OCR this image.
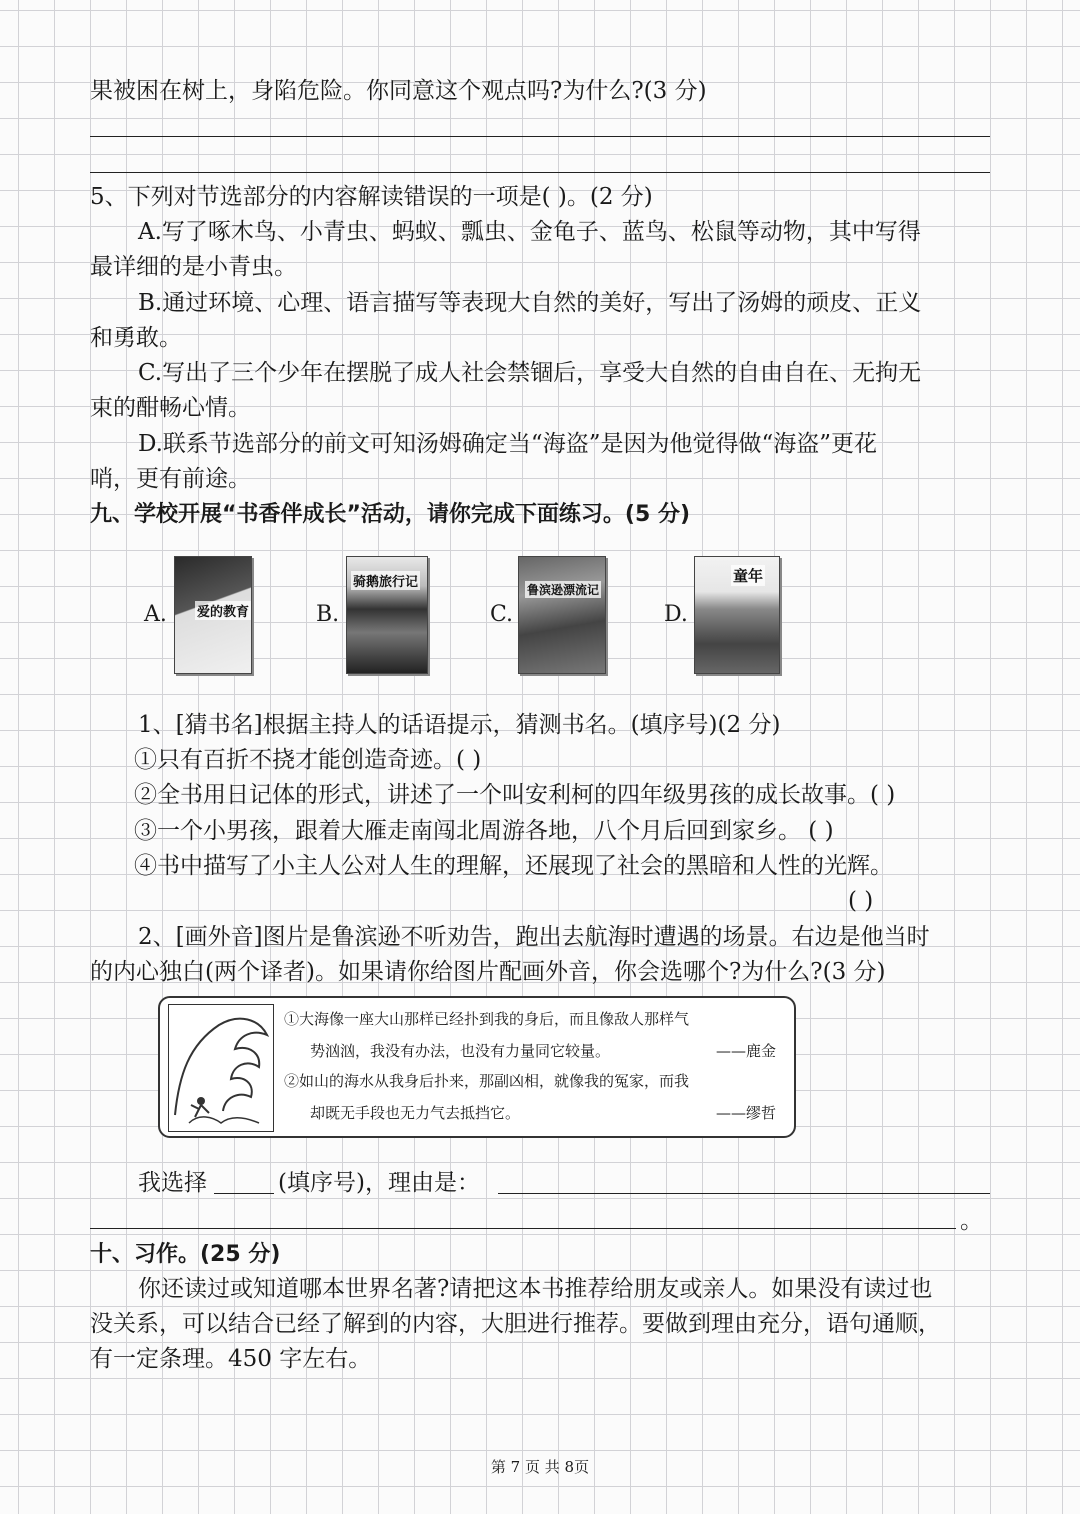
果被困在树上，身陷危险。你同意这个观点吗?为什么?(3 分)
5、下列对节选部分的内容解读错误的一项是( )。(2 分)
A.写了啄木鸟、小青虫、蚂蚁、瓢虫、金龟子、蓝鸟、松鼠等动物，其中写得
最详细的是小青虫。
B.通过环境、心理、语言描写等表现大自然的美好，写出了汤姆的顽皮、正义
和勇敢。
C.写出了三个少年在摆脱了成人社会禁锢后，享受大自然的自由自在、无拘无
束的酣畅心情。
D.联系节选部分的前文可知汤姆确定当“海盗”是因为他觉得做“海盗”更花
哨，更有前途。
九、学校开展“书香伴成长”活动，请你完成下面练习。(5 分)
A. 爱的教育	B.
骑鹅旅行记
C.
鲁滨逊漂流记
D.
童年
1、[猜书名]根据主持人的话语提示，猜测书名。(填序号)(2 分)
①只有百折不挠才能创造奇迹。( )
②全书用日记体的形式，讲述了一个叫安利柯的四年级男孩的成长故事。( )
③一个小男孩，跟着大雁走南闯北周游各地，八个月后回到家乡。 ( )
④书中描写了小主人公对人生的理解，还展现了社会的黑暗和人性的光辉。
( )
2、[画外音]图片是鲁滨逊不听劝告，跑出去航海时遭遇的场景。右边是他当时
的内心独白(两个译者)。如果请你给图片配画外音，你会选哪个?为什么?(3 分)
①大海像一座大山那样已经扑到我的身后，而且像敌人那样气
势汹汹，我没有办法，也没有力量同它较量。	——鹿金
②如山的海水从我身后扑来，那副凶相，就像我的冤家，而我
却既无手段也无力气去抵挡它。	——缪哲
我选择	(填序号)，理由是：
。
十、习作。(25 分)
你还读过或知道哪本世界名著?请把这本书推荐给朋友或亲人。如果没有读过也
没关系，可以结合已经了解到的内容，大胆进行推荐。要做到理由充分，语句通顺，
有一定条理。450 字左右。
第 7 页 共 8页
